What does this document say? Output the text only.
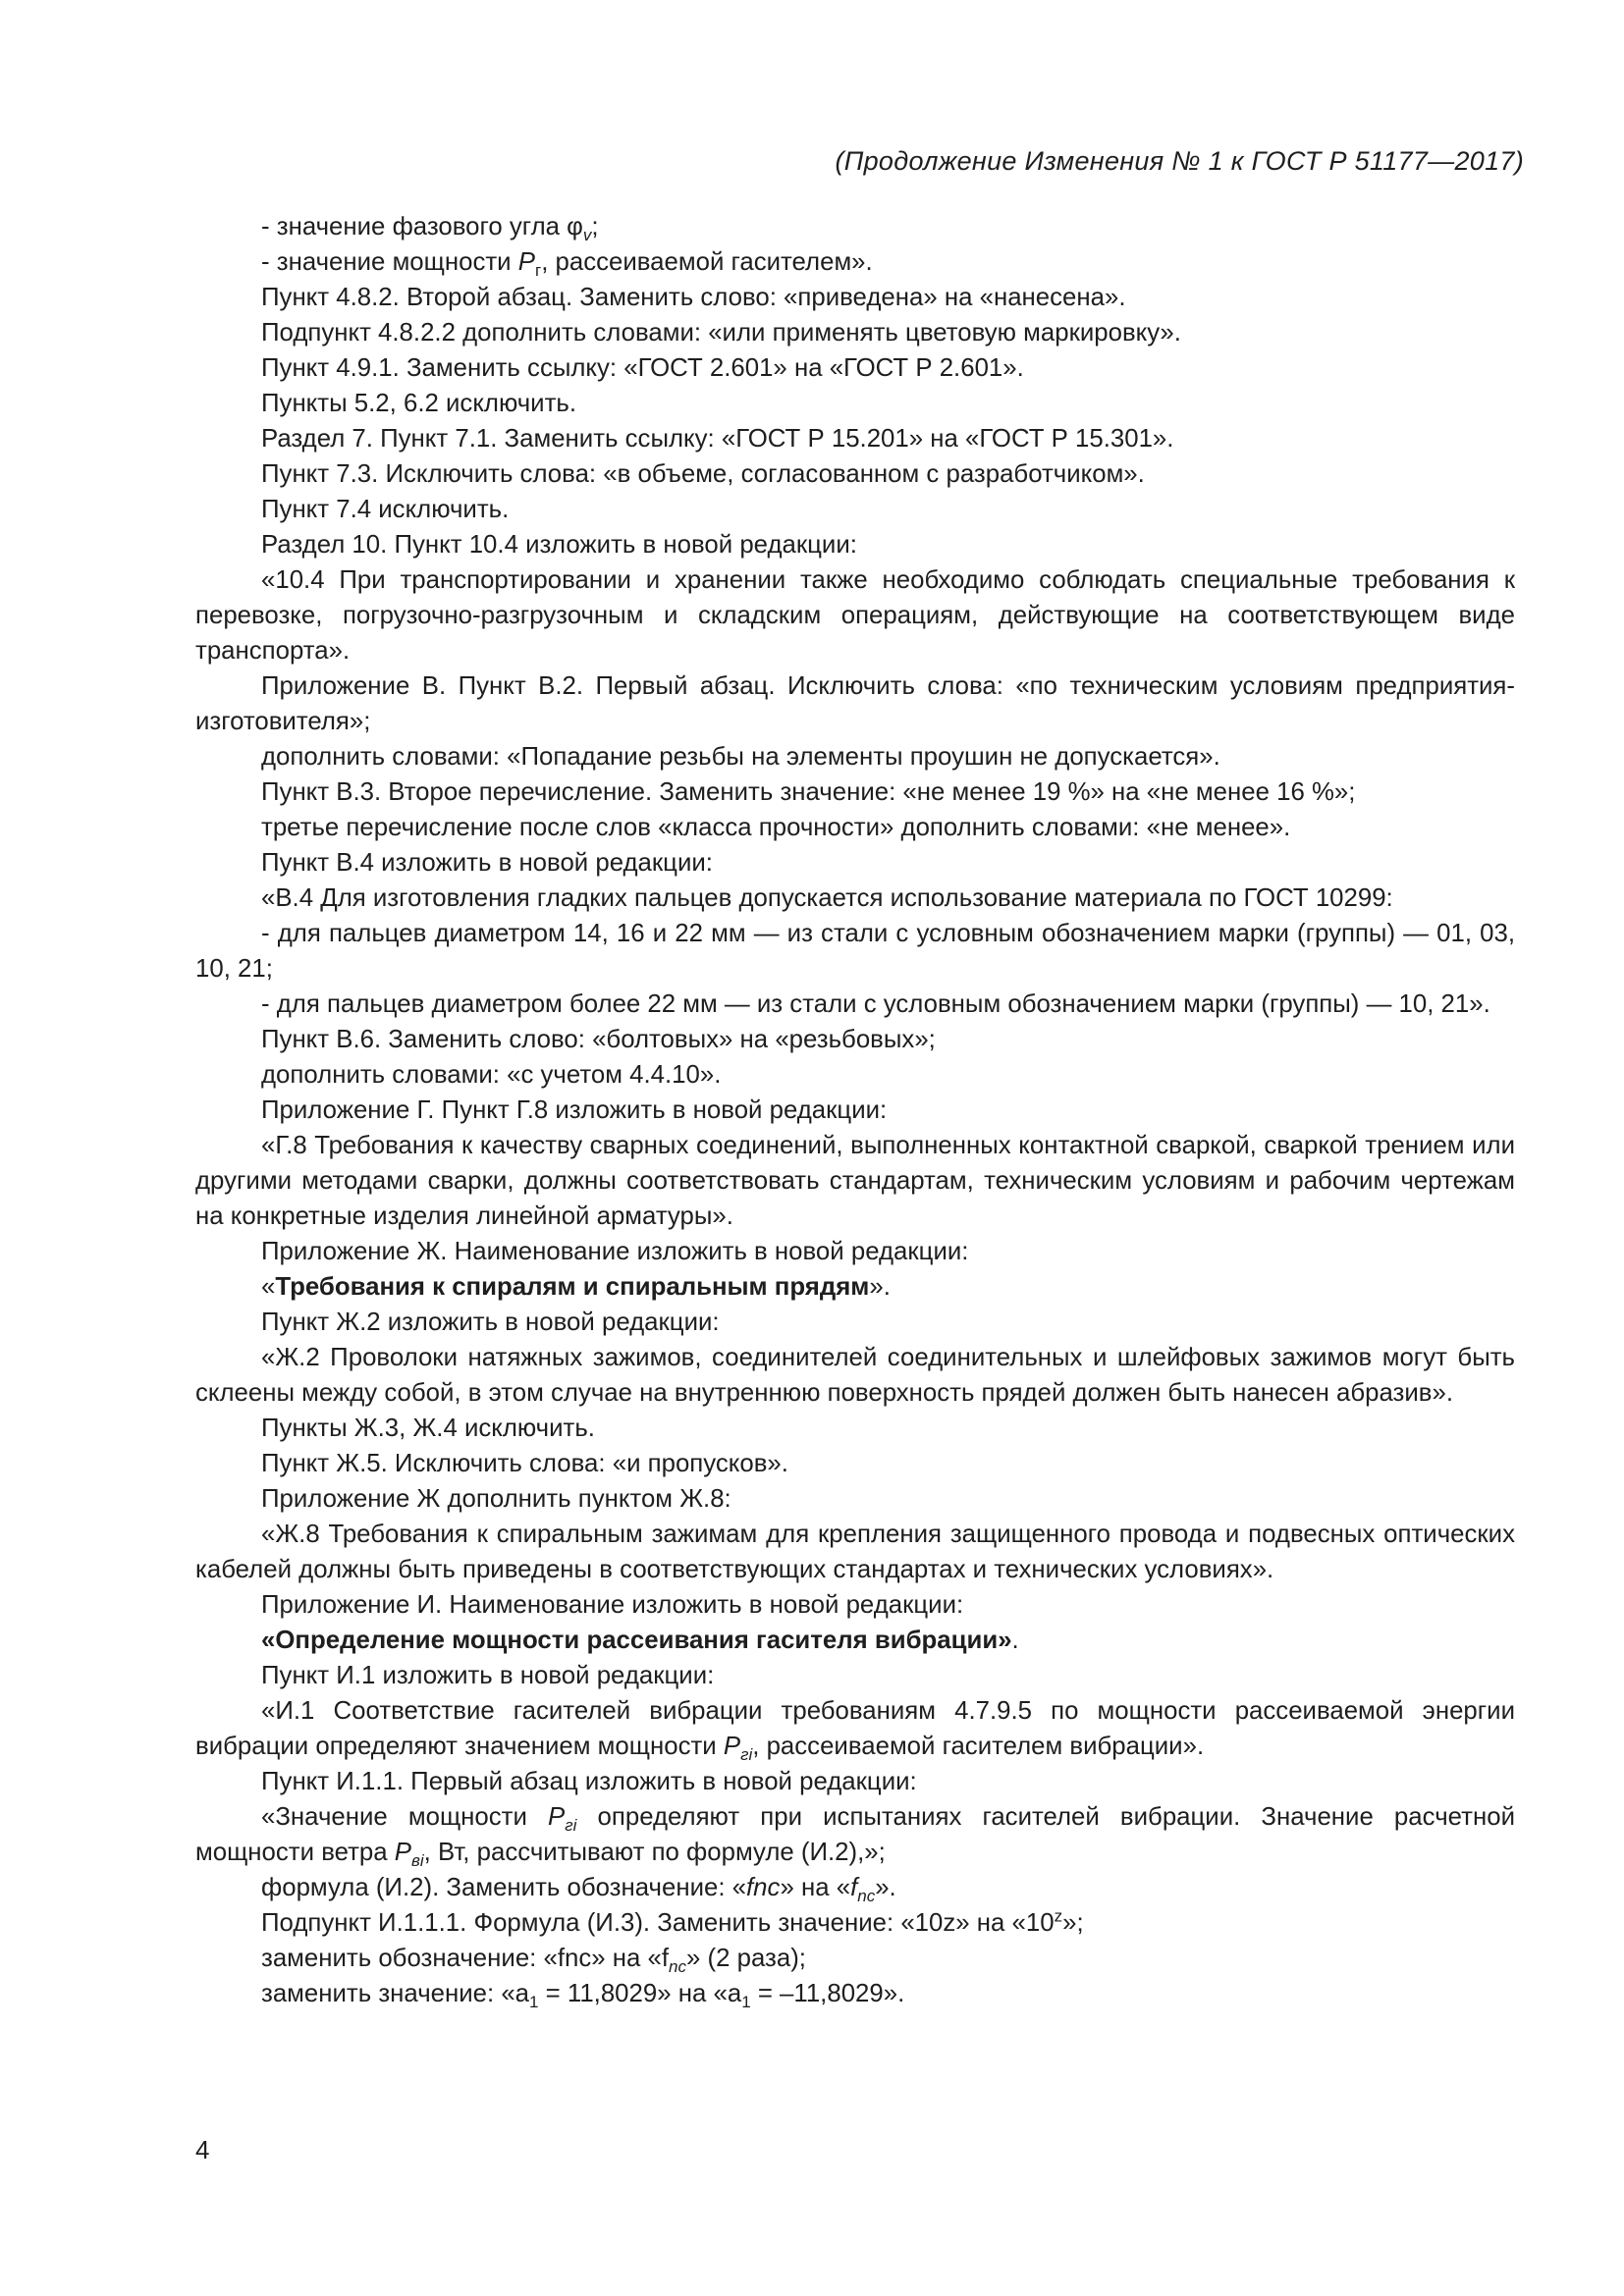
(Продолжение Изменения № 1 к ГОСТ Р 51177—2017)

- значение фазового угла $\varphi_v$;

- значение мощности $P_г$, рассеиваемой гасителем».

Пункт 4.8.2. Второй абзац. Заменить слово: «приведена» на «нанесена».

Подпункт 4.8.2.2 дополнить словами: «или применять цветовую маркировку».

Пункт 4.9.1. Заменить ссылку: «ГОСТ 2.601» на «ГОСТ Р 2.601».

Пункты 5.2, 6.2 исключить.

Раздел 7. Пункт 7.1. Заменить ссылку: «ГОСТ Р 15.201» на «ГОСТ Р 15.301».

Пункт 7.3. Исключить слова: «в объеме, согласованном с разработчиком».

Пункт 7.4 исключить.

Раздел 10. Пункт 10.4 изложить в новой редакции:

«10.4 При транспортировании и хранении также необходимо соблюдать специальные требования к перевозке, погрузочно-разгрузочным и складским операциям, действующие на соответствующем виде транспорта».

Приложение В. Пункт В.2. Первый абзац. Исключить слова: «по техническим условиям предприятия-изготовителя»;

дополнить словами: «Попадание резьбы на элементы проушин не допускается».

Пункт В.3. Второе перечисление. Заменить значение: «не менее 19 %» на «не менее 16 %»;

третье перечисление после слов «класса прочности» дополнить словами: «не менее».

Пункт В.4 изложить в новой редакции:

«В.4 Для изготовления гладких пальцев допускается использование материала по ГОСТ 10299:

- для пальцев диаметром 14, 16 и 22 мм — из стали с условным обозначением марки (группы) — 01, 03, 10, 21;

- для пальцев диаметром более 22 мм — из стали с условным обозначением марки (группы) — 10, 21».

Пункт В.6. Заменить слово: «болтовых» на «резьбовых»;

дополнить словами: «с учетом 4.4.10».

Приложение Г. Пункт Г.8 изложить в новой редакции:

«Г.8 Требования к качеству сварных соединений, выполненных контактной сваркой, сваркой трением или другими методами сварки, должны соответствовать стандартам, техническим условиям и рабочим чертежам на конкретные изделия линейной арматуры».

Приложение Ж. Наименование изложить в новой редакции:

«Требования к спиралям и спиральным прядям».

Пункт Ж.2 изложить в новой редакции:

«Ж.2 Проволоки натяжных зажимов, соединителей соединительных и шлейфовых зажимов могут быть склеены между собой, в этом случае на внутреннюю поверхность прядей должен быть нанесен абразив».

Пункты Ж.3, Ж.4 исключить.

Пункт Ж.5. Исключить слова: «и пропусков».

Приложение Ж дополнить пунктом Ж.8:

«Ж.8 Требования к спиральным зажимам для крепления защищенного провода и подвесных оптических кабелей должны быть приведены в соответствующих стандартах и технических условиях».

Приложение И. Наименование изложить в новой редакции:

«Определение мощности рассеивания гасителя вибрации».

Пункт И.1 изложить в новой редакции:

«И.1 Соответствие гасителей вибрации требованиям 4.7.9.5 по мощности рассеиваемой энергии вибрации определяют значением мощности $P_{гi}$, рассеиваемой гасителем вибрации».

Пункт И.1.1. Первый абзац изложить в новой редакции:

«Значение мощности $P_{гi}$ определяют при испытаниях гасителей вибрации. Значение расчетной мощности ветра $P_{вi}$, Вт, рассчитывают по формуле (И.2),»;

формула (И.2). Заменить обозначение: «fnc» на «$f_{nc}$».

Подпункт И.1.1.1. Формула (И.3). Заменить значение: «10z» на «10$^z$»;

заменить обозначение: «fnc» на «$f_{nc}$» (2 раза);

заменить значение: «$a_1 = 11,8029$» на «$a_1 = -11,8029$».

4
